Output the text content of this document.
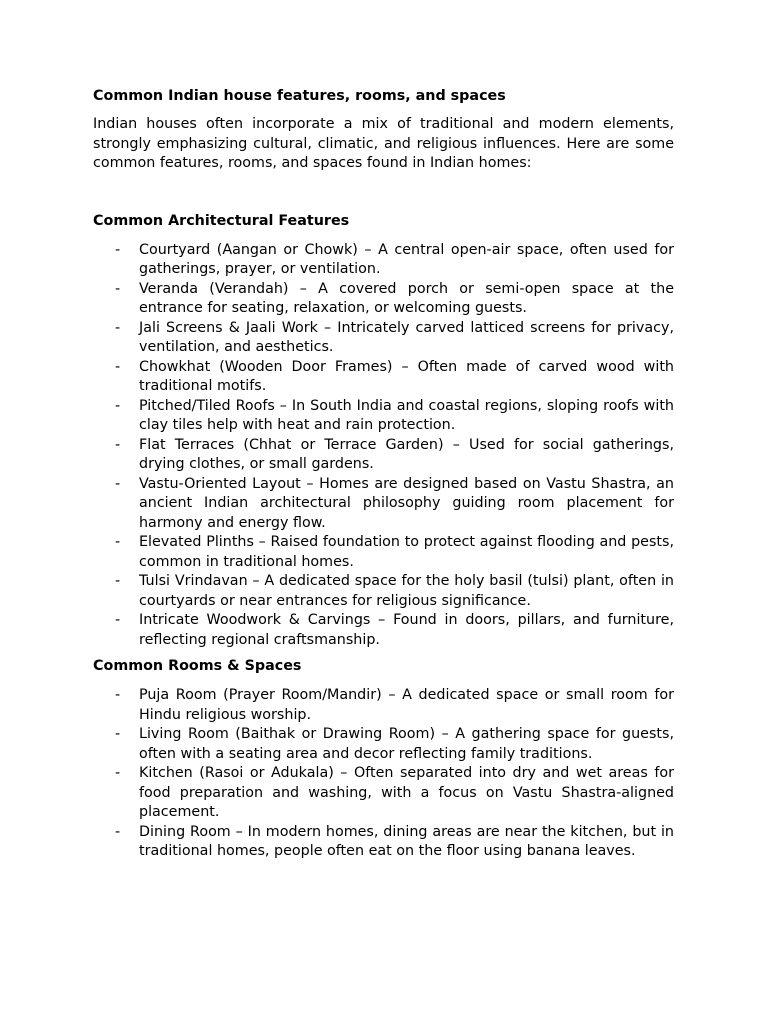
Common Indian house features, rooms, and spaces

Indian houses often incorporate a mix of traditional and modern elements, strongly emphasizing cultural, climatic, and religious influences. Here are some common features, rooms, and spaces found in Indian homes:

Common Architectural Features
- Courtyard (Aangan or Chowk) – A central open-air space, often used for gatherings, prayer, or ventilation.
- Veranda (Verandah) – A covered porch or semi-open space at the entrance for seating, relaxation, or welcoming guests.
- Jali Screens & Jaali Work – Intricately carved latticed screens for privacy, ventilation, and aesthetics.
- Chowkhat (Wooden Door Frames) – Often made of carved wood with traditional motifs.
- Pitched/Tiled Roofs – In South India and coastal regions, sloping roofs with clay tiles help with heat and rain protection.
- Flat Terraces (Chhat or Terrace Garden) – Used for social gatherings, drying clothes, or small gardens.
- Vastu-Oriented Layout – Homes are designed based on Vastu Shastra, an ancient Indian architectural philosophy guiding room placement for harmony and energy flow.
- Elevated Plinths – Raised foundation to protect against flooding and pests, common in traditional homes.
- Tulsi Vrindavan – A dedicated space for the holy basil (tulsi) plant, often in courtyards or near entrances for religious significance.
- Intricate Woodwork & Carvings – Found in doors, pillars, and furniture, reflecting regional craftsmanship.
Common Rooms & Spaces
- Puja Room (Prayer Room/Mandir) – A dedicated space or small room for Hindu religious worship.
- Living Room (Baithak or Drawing Room) – A gathering space for guests, often with a seating area and decor reflecting family traditions.
- Kitchen (Rasoi or Adukala) – Often separated into dry and wet areas for food preparation and washing, with a focus on Vastu Shastra-aligned placement.
- Dining Room – In modern homes, dining areas are near the kitchen, but in traditional homes, people often eat on the floor using banana leaves.
